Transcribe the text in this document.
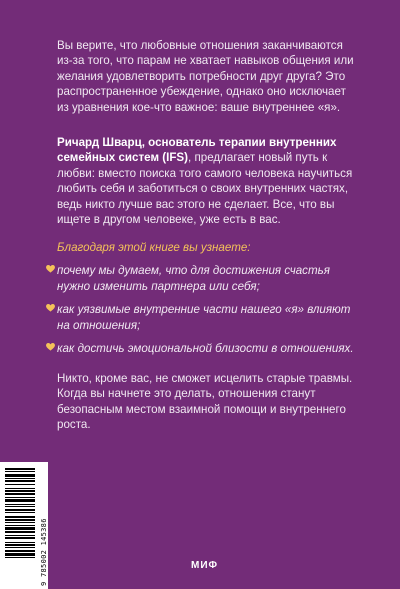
Вы верите, что любовные отношения заканчиваются из-за того, что парам не хватает навыков общения или желания удовлетворить потребности друг друга? Это распространенное убеждение, однако оно исключает из уравнения кое-что важное: ваше внутреннее «я».

Ричард Шварц, основатель терапии внутренних семейных систем (IFS), предлагает новый путь к любви: вместо поиска того самого человека научиться любить себя и заботиться о своих внутренних частях, ведь никто лучше вас этого не сделает. Все, что вы ищете в другом человеке, уже есть в вас.

Благодаря этой книге вы узнаете:
почему мы думаем, что для достижения счастья нужно изменить партнера или себя;
как уязвимые внутренние части нашего «я» влияют на отношения;
как достичь эмоциональной близости в отношениях.

Никто, кроме вас, не сможет исцелить старые травмы. Когда вы начнете это делать, отношения станут безопасным местом взаимной помощи и внутреннего роста.

9 785002 145386	МИФ
